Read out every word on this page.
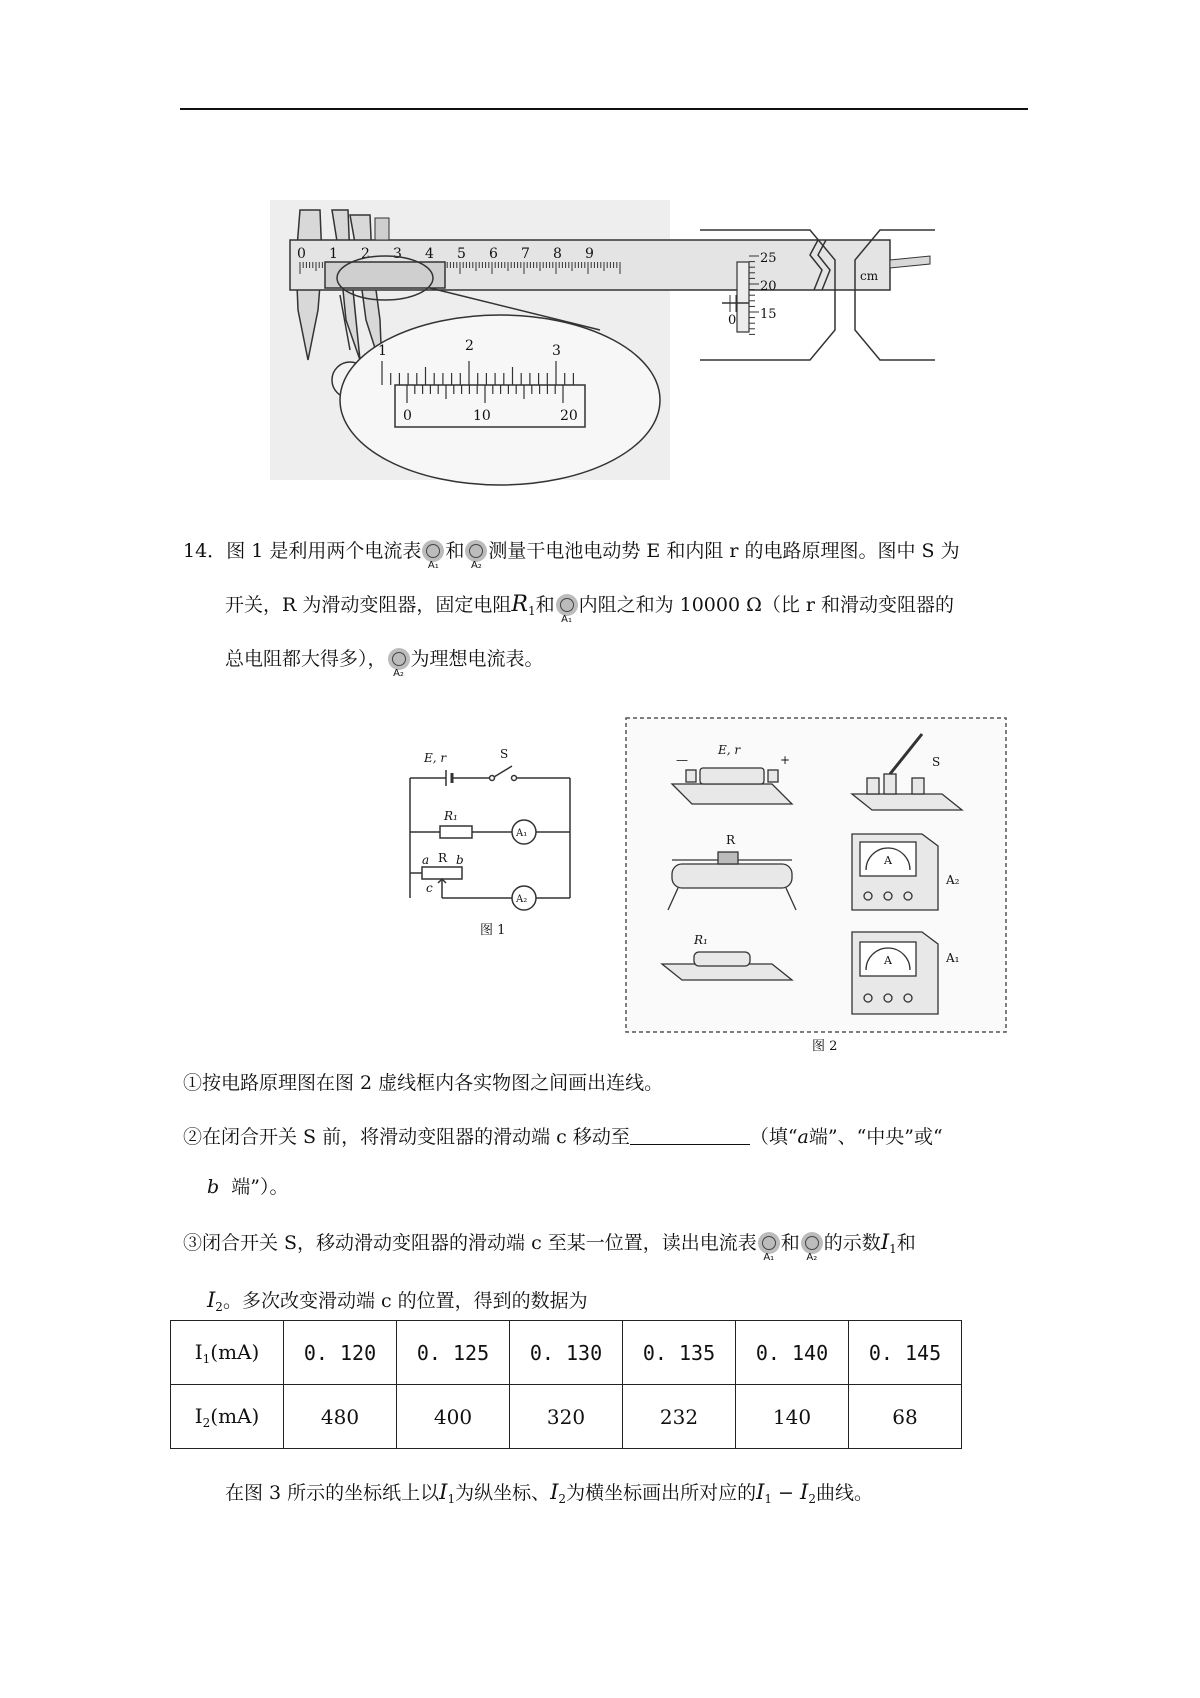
0 1 2 3 4 5 6 7 8 9
cm
1	2	3
0	10	20
25
20
15
0
14．图 1 是利用两个电流表
A₁
和
A₂
测量干电池电动势 E 和内阻 r 的电路原理图。图中 S 为
开关，R 为滑动变阻器，固定电阻$R_1$和
A₁
内阻之和为 10000 Ω（比 r 和滑动变阻器的
总电阻都大得多），
A₂
为理想电流表。
E, r	S
R₁
A₁
R
a b
c
A₂
图 1
E, r
—	+	S
R
A
A₂
R₁
A	A₁
图 2
①按电路原理图在图 2 虚线框内各实物图之间画出连线。
②在闭合开关 S 前，将滑动变阻器的滑动端 c 移动至	（填“a端”、“中央”或“
b 端”）。
③闭合开关 S，移动滑动变阻器的滑动端 c 至某一位置，读出电流表
A₁
和
A₂
的示数$I_1$和
$I_2$。多次改变滑动端 c 的位置，得到的数据为
$I_1(mA)$	0. 120	0. 125	0. 130	0. 135	0. 140	0. 145
$I_2(mA)$	480	400	320	232	140	68
在图 3 所示的坐标纸上以$I_1$为纵坐标、$I_2$为横坐标画出所对应的$I_1 - I_2$曲线。
